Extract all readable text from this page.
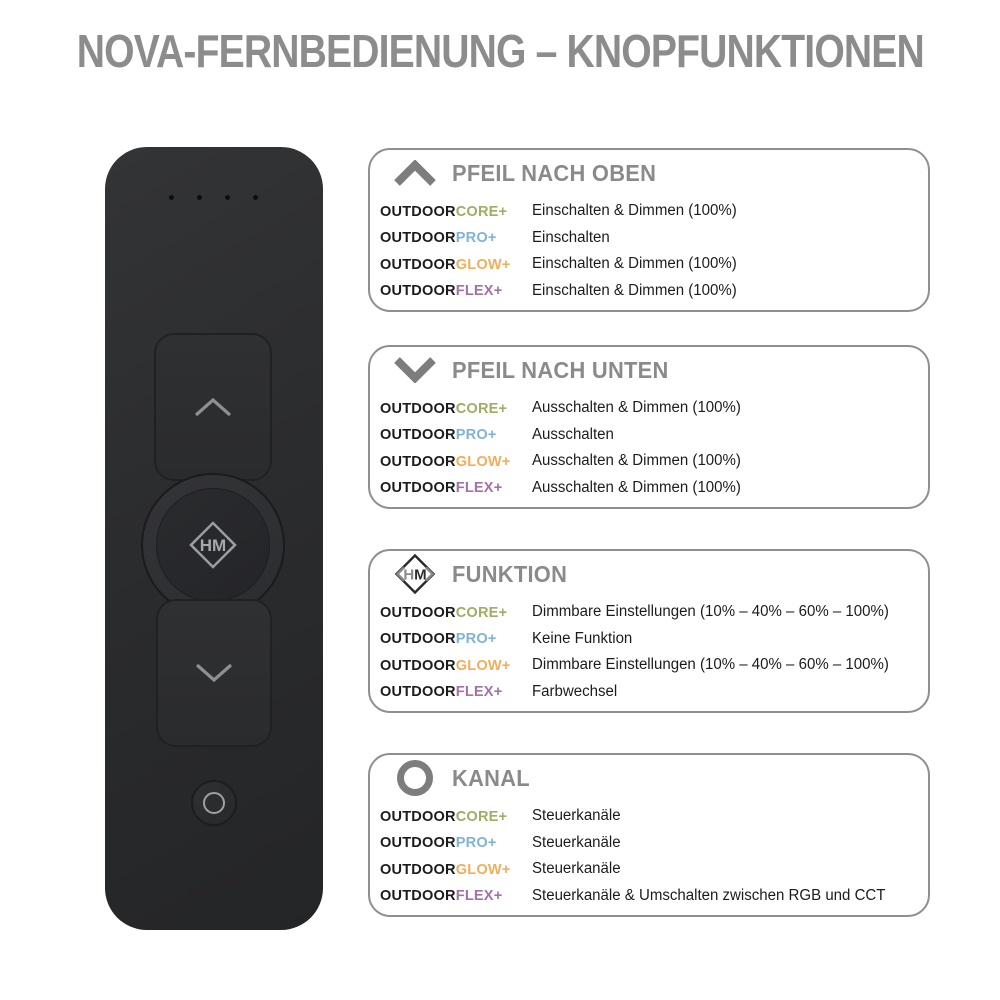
NOVA-FERNBEDIENUNG – KNOPFUNKTIONEN
HM
PFEIL NACH OBEN
OUTDOORCORE+	Einschalten & Dimmen (100%)
OUTDOORPRO+	Einschalten
OUTDOORGLOW+	Einschalten & Dimmen (100%)
OUTDOORFLEX+	Einschalten & Dimmen (100%)
PFEIL NACH UNTEN
OUTDOORCORE+	Ausschalten & Dimmen (100%)
OUTDOORPRO+	Ausschalten
OUTDOORGLOW+	Ausschalten & Dimmen (100%)
OUTDOORFLEX+	Ausschalten & Dimmen (100%)
HM FUNKTION
OUTDOORCORE+	Dimmbare Einstellungen (10% – 40% – 60% – 100%)
OUTDOORPRO+	Keine Funktion
OUTDOORGLOW+	Dimmbare Einstellungen (10% – 40% – 60% – 100%)
OUTDOORFLEX+	Farbwechsel
KANAL
OUTDOORCORE+	Steuerkanäle
OUTDOORPRO+	Steuerkanäle
OUTDOORGLOW+	Steuerkanäle
OUTDOORFLEX+	Steuerkanäle & Umschalten zwischen RGB und CCT
